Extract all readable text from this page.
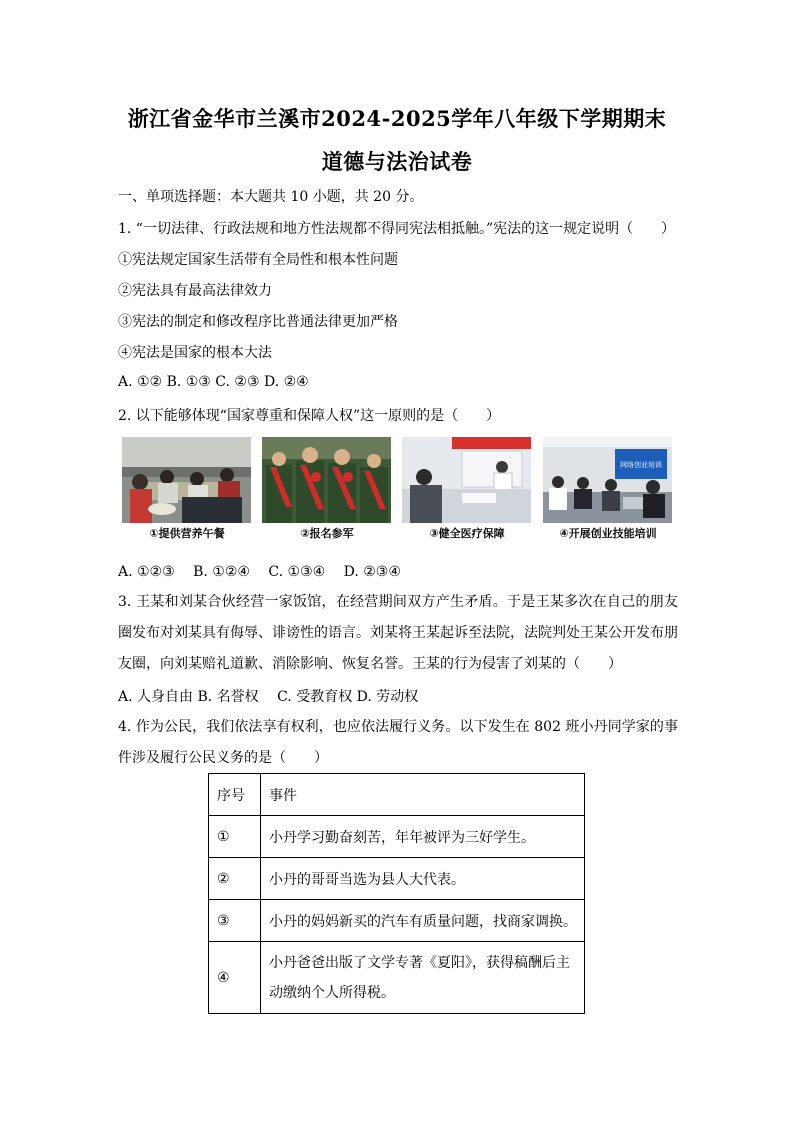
浙江省金华市兰溪市2024-2025学年八年级下学期期末
道德与法治试卷
一、单项选择题：本大题共 10 小题，共 20 分。
1. “一切法律、行政法规和地方性法规都不得同宪法相抵触。”宪法的这一规定说明（　　）
①宪法规定国家生活带有全局性和根本性问题
②宪法具有最高法律效力
③宪法的制定和修改程序比普通法律更加严格
④宪法是国家的根本大法
A. ①② B. ①③ C. ②③ D. ②④
2. 以下能够体现“国家尊重和保障人权”这一原则的是（　　）
网络创业培训
①提供营养午餐	②报名参军	③健全医疗保障	④开展创业技能培训
A. ①②③　 B. ①②④　 C. ①③④　 D. ②③④
3. 王某和刘某合伙经营一家饭馆，在经营期间双方产生矛盾。于是王某多次在自己的朋友圈发布对刘某具有侮辱、诽谤性的语言。刘某将王某起诉至法院，法院判处王某公开发布朋友圈，向刘某赔礼道歉、消除影响、恢复名誉。王某的行为侵害了刘某的（　　）
A. 人身自由 B. 名誉权　 C. 受教育权 D. 劳动权
4. 作为公民，我们依法享有权利，也应依法履行义务。以下发生在 802 班小丹同学家的事件涉及履行公民义务的是（　　）
序号	事件
①	小丹学习勤奋刻苦，年年被评为三好学生。
②	小丹的哥哥当选为县人大代表。
③	小丹的妈妈新买的汽车有质量问题，找商家调换。
④	小丹爸爸出版了文学专著《夏阳》，获得稿酬后主动缴纳个人所得税。
